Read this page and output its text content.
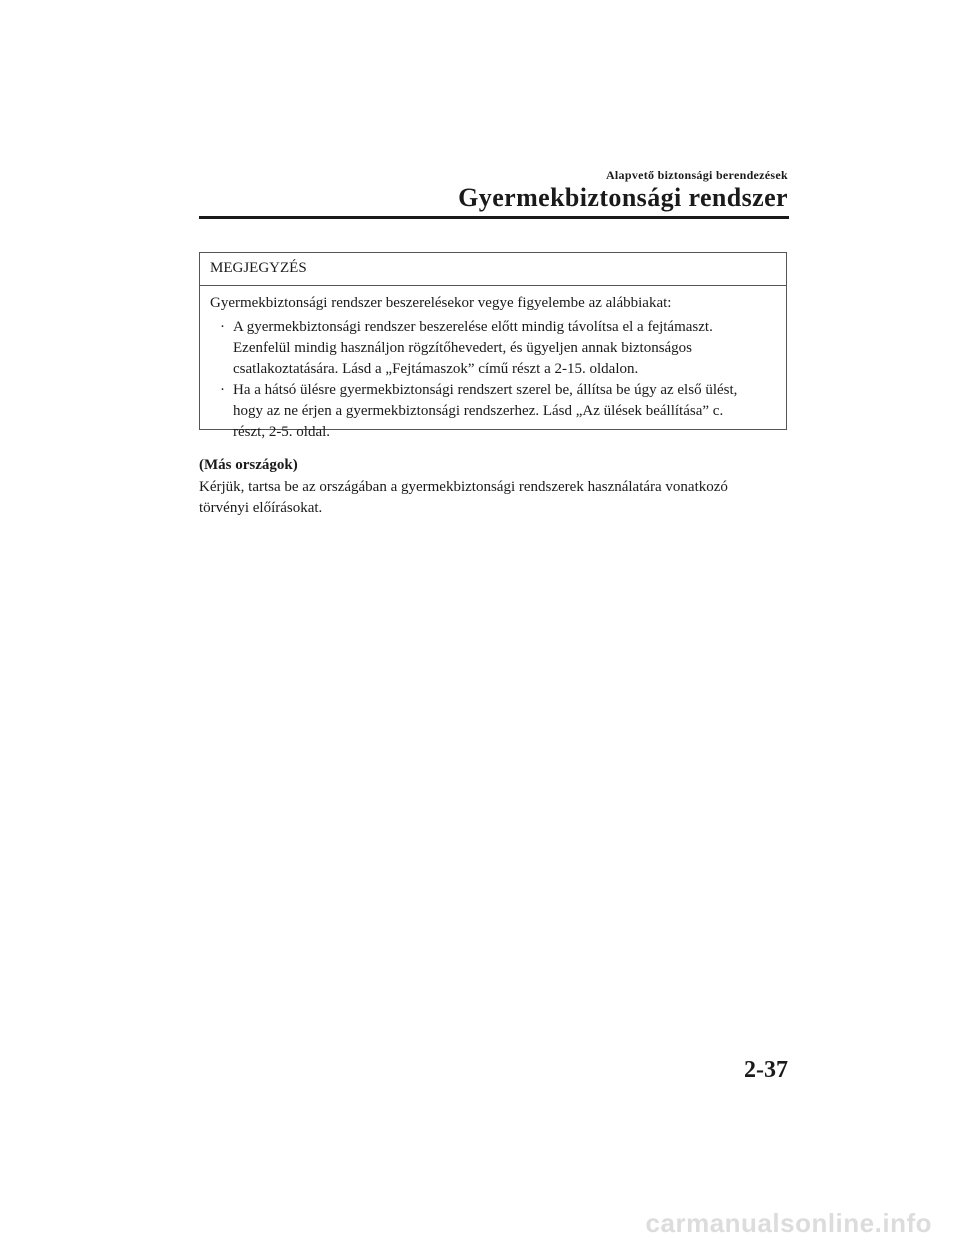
Alapvető biztonsági berendezések
Gyermekbiztonsági rendszer
MEGJEGYZÉS

Gyermekbiztonsági rendszer beszerelésekor vegye figyelembe az alábbiakat:

· A gyermekbiztonsági rendszer beszerelése előtt mindig távolítsa el a fejtámaszt.
Ezenfelül mindig használjon rögzítőhevedert, és ügyeljen annak biztonságos
csatlakoztatására. Lásd a „Fejtámaszok” című részt a 2-15. oldalon.
· Ha a hátsó ülésre gyermekbiztonsági rendszert szerel be, állítsa be úgy az első ülést,
hogy az ne érjen a gyermekbiztonsági rendszerhez. Lásd „Az ülések beállítása” c.
részt, 2-5. oldal.
(Más országok)
Kérjük, tartsa be az országában a gyermekbiztonsági rendszerek használatára vonatkozó
törvényi előírásokat.
2-37
carmanualsonline.info
